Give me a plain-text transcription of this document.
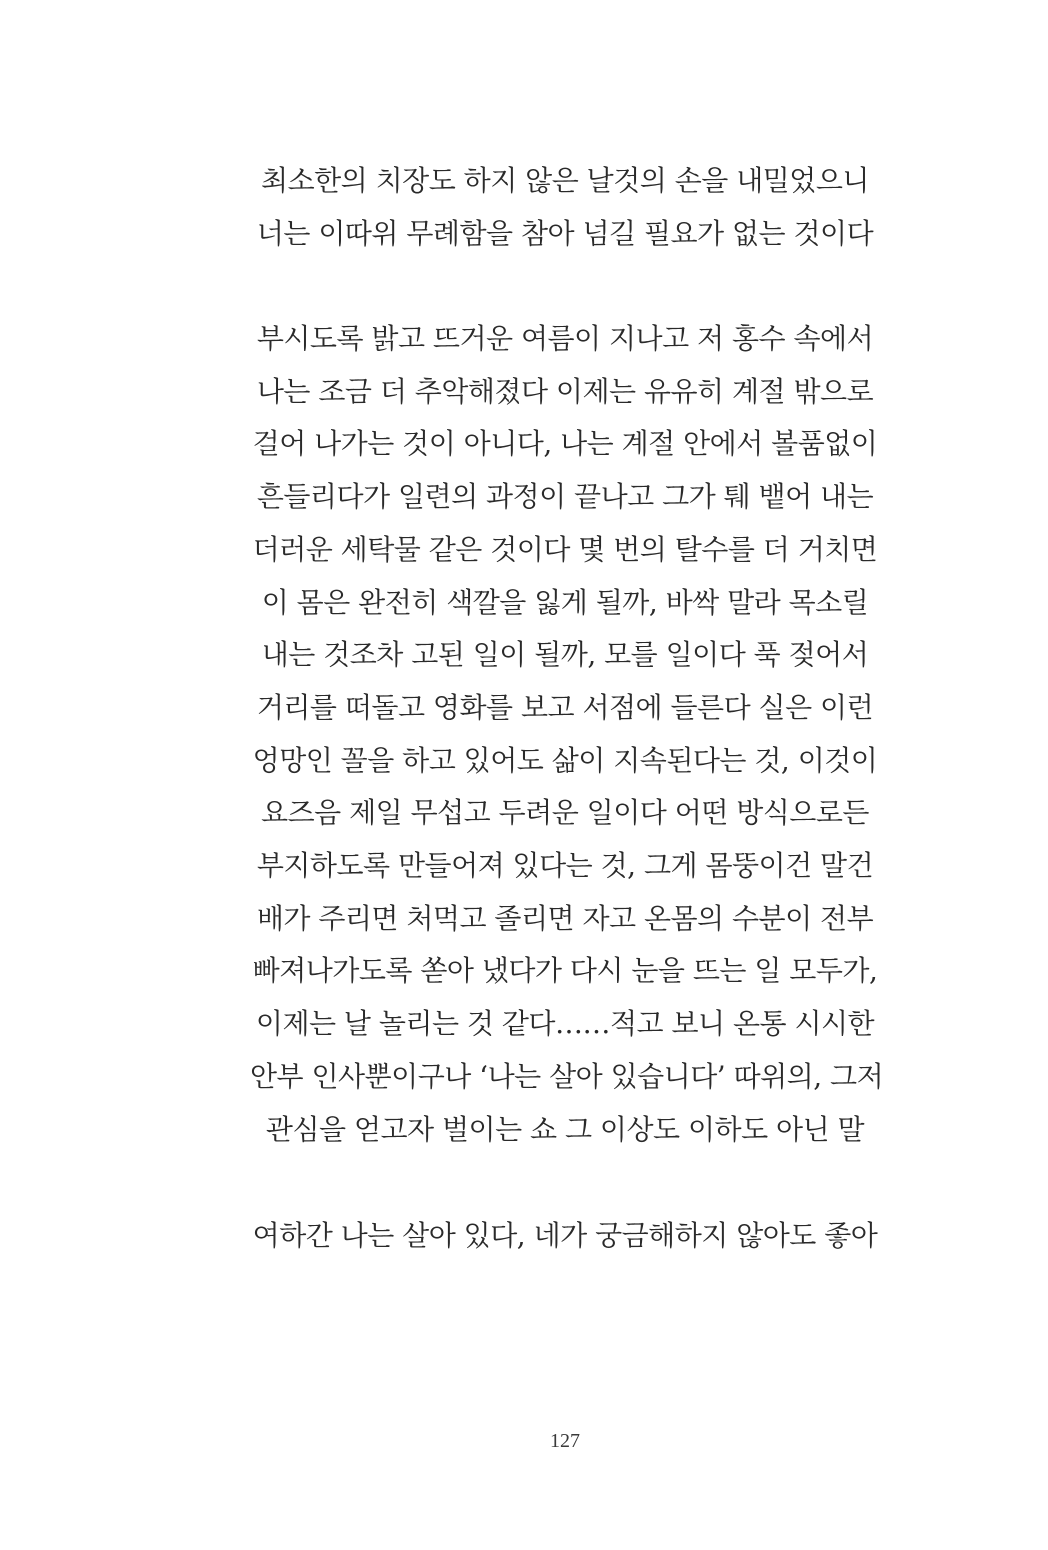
최소한의 치장도 하지 않은 날것의 손을 내밀었으니
너는 이따위 무례함을 참아 넘길 필요가 없는 것이다
부시도록 밝고 뜨거운 여름이 지나고 저 홍수 속에서
나는 조금 더 추악해졌다 이제는 유유히 계절 밖으로
걸어 나가는 것이 아니다, 나는 계절 안에서 볼품없이
흔들리다가 일련의 과정이 끝나고 그가 퉤 뱉어 내는
더러운 세탁물 같은 것이다 몇 번의 탈수를 더 거치면
이 몸은 완전히 색깔을 잃게 될까, 바싹 말라 목소릴
내는 것조차 고된 일이 될까, 모를 일이다 푹 젖어서
거리를 떠돌고 영화를 보고 서점에 들른다 실은 이런
엉망인 꼴을 하고 있어도 삶이 지속된다는 것, 이것이
요즈음 제일 무섭고 두려운 일이다 어떤 방식으로든
부지하도록 만들어져 있다는 것, 그게 몸뚱이건 말건
배가 주리면 처먹고 졸리면 자고 온몸의 수분이 전부
빠져나가도록 쏟아 냈다가 다시 눈을 뜨는 일 모두가,
이제는 날 놀리는 것 같다……적고 보니 온통 시시한
안부 인사뿐이구나 ‘나는 살아 있습니다’ 따위의, 그저
관심을 얻고자 벌이는 쇼 그 이상도 이하도 아닌 말
여하간 나는 살아 있다, 네가 궁금해하지 않아도 좋아
127
